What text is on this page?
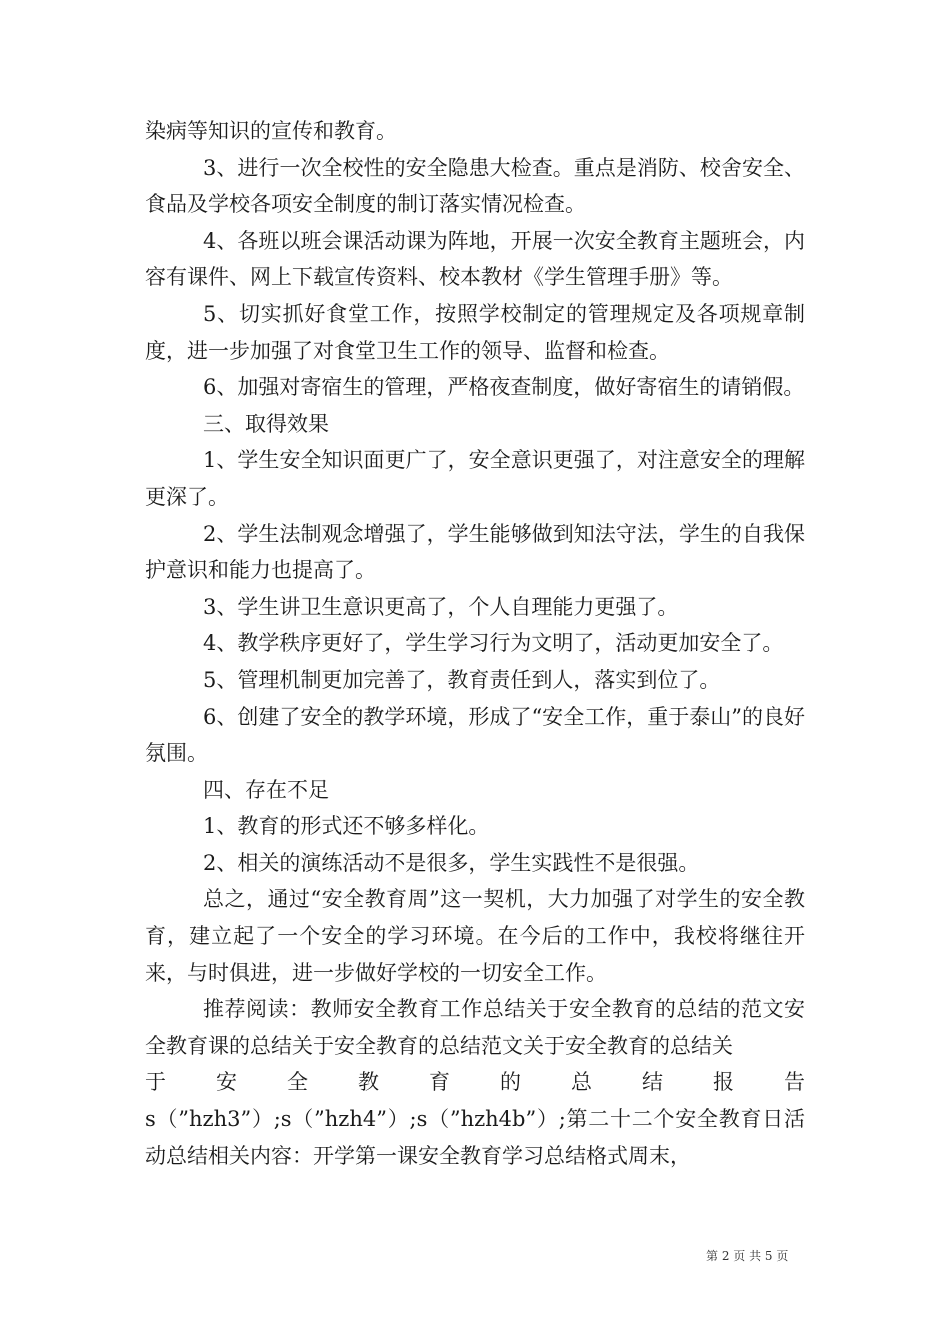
染病等知识的宣传和教育。

3、进行一次全校性的安全隐患大检查。重点是消防、校舍安全、食品及学校各项安全制度的制订落实情况检查。

4、各班以班会课活动课为阵地，开展一次安全教育主题班会，内容有课件、网上下载宣传资料、校本教材《学生管理手册》等。

5、切实抓好食堂工作，按照学校制定的管理规定及各项规章制度，进一步加强了对食堂卫生工作的领导、监督和检查。

6、加强对寄宿生的管理，严格夜查制度，做好寄宿生的请销假。

三、取得效果

1、学生安全知识面更广了，安全意识更强了，对注意安全的理解更深了。

2、学生法制观念增强了，学生能够做到知法守法，学生的自我保护意识和能力也提高了。

3、学生讲卫生意识更高了，个人自理能力更强了。

4、教学秩序更好了，学生学习行为文明了，活动更加安全了。

5、管理机制更加完善了，教育责任到人，落实到位了。

6、创建了安全的教学环境，形成了“安全工作，重于泰山”的良好氛围。

四、存在不足

1、教育的形式还不够多样化。

2、相关的演练活动不是很多，学生实践性不是很强。

总之，通过“安全教育周”这一契机，大力加强了对学生的安全教育，建立起了一个安全的学习环境。在今后的工作中，我校将继往开来，与时俱进，进一步做好学校的一切安全工作。

推荐阅读：教师安全教育工作总结关于安全教育的总结的范文安全教育课的总结关于安全教育的总结范文关于安全教育的总结关

于安全教育的总结报告

s（”hzh3”）;s（”hzh4”）;s（”hzh4b”）;第二十二个安全教育日活动总结相关内容：开学第一课安全教育学习总结格式周末，

第 2 页 共 5 页
